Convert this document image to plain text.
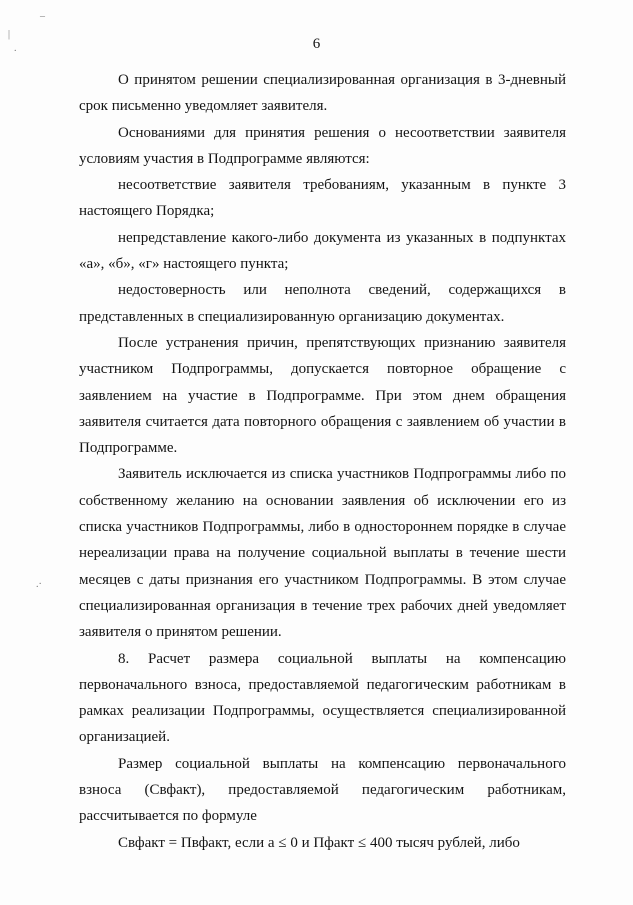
–
|
.
.·
6

О принятом решении специализированная организация в 3-дневный срок письменно уведомляет заявителя.

Основаниями для принятия решения о несоответствии заявителя условиям участия в Подпрограмме являются:

несоответствие заявителя требованиям, указанным в пункте 3 настоящего Порядка;

непредставление какого-либо документа из указанных в подпунктах «а», «б», «г» настоящего пункта;

недостоверность или неполнота сведений, содержащихся в представленных в специализированную организацию документах.

После устранения причин, препятствующих признанию заявителя участником Подпрограммы, допускается повторное обращение с заявлением на участие в Подпрограмме. При этом днем обращения заявителя считается дата повторного обращения с заявлением об участии в Подпрограмме.

Заявитель исключается из списка участников Подпрограммы либо по собственному желанию на основании заявления об исключении его из списка участников Подпрограммы, либо в одностороннем порядке в случае нереализации права на получение социальной выплаты в течение шести месяцев с даты признания его участником Подпрограммы. В этом случае специализированная организация в течение трех рабочих дней уведомляет заявителя о принятом решении.

8. Расчет размера социальной выплаты на компенсацию первоначального взноса, предоставляемой педагогическим работникам в рамках реализации Подпрограммы, осуществляется специализированной организацией.

Размер социальной выплаты на компенсацию первоначального взноса (Свфакт), предоставляемой педагогическим работникам, рассчитывается по формуле

Свфакт = Пвфакт, если а ≤ 0 и Пфакт ≤ 400 тысяч рублей, либо
